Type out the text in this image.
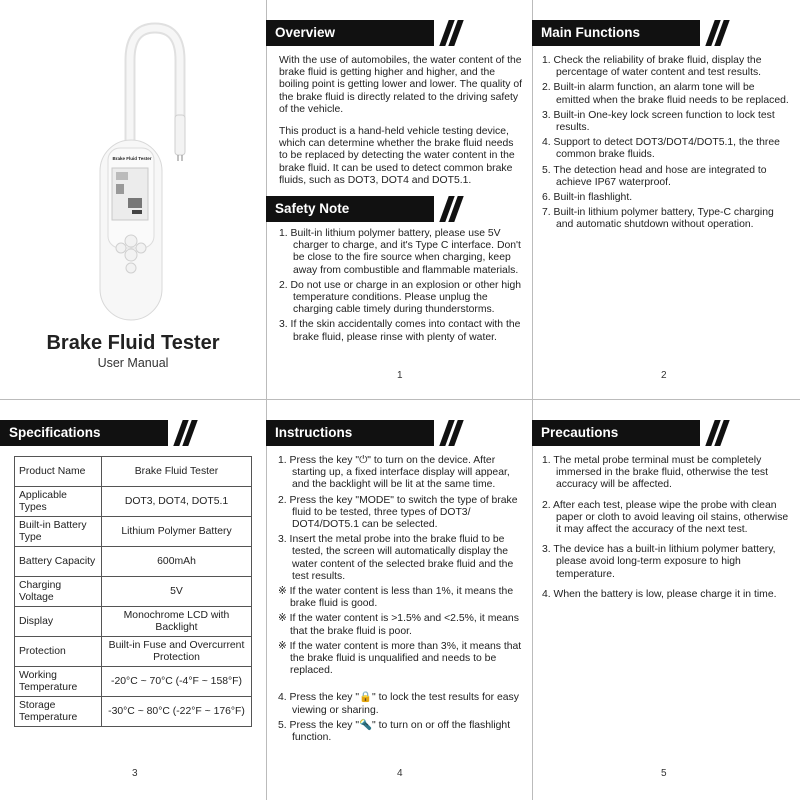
Brake Fluid Tester
Brake Fluid Tester
User Manual
Overview

With the use of automobiles, the water content of the brake fluid is getting higher and higher, and the boiling point is getting lower and lower. The quality of the brake fluid is directly related to the driving safety of the vehicle.

This product is a hand-held vehicle testing device, which can determine whether the brake fluid needs to be replaced by detecting the water content in the brake fluid. It can be used to detect common brake fluids, such as DOT3, DOT4 and DOT5.1.

Safety Note
1. Built-in lithium polymer battery, please use 5V charger to charge, and it's Type C interface. Don't be close to the fire source when charging, keep away from combustible and flammable materials.
2. Do not use or charge in an explosion or other high temperature conditions. Please unplug the charging cable timely during thunderstorms.
3. If the skin accidentally comes into contact with the brake fluid, please rinse with plenty of water.
1
Main Functions
1. Check the reliability of brake fluid, display the percentage of water content and test results.
2. Built-in alarm function, an alarm tone will be emitted when the brake fluid needs to be replaced.
3. Built-in One-key lock screen function to lock test results.
4. Support to detect DOT3/DOT4/DOT5.1, the three common brake fluids.
5. The detection head and hose are integrated to achieve IP67 waterproof.
6. Built-in flashlight.
7. Built-in lithium polymer battery, Type-C charging and automatic shutdown without operation.
2
Specifications
3
Product Name	Brake Fluid Tester
Applicable Types	DOT3, DOT4, DOT5.1
Built-in Battery Type	Lithium Polymer Battery
Battery Capacity	600mAh
Charging Voltage	5V
Display	Monochrome LCD with Backlight
Protection	Built-in Fuse and Overcurrent Protection
Working Temperature	-20°C ~ 70°C (-4°F ~ 158°F)
Storage Temperature	-30°C ~ 80°C (-22°F ~ 176°F)
Instructions
1. Press the key "⏻" to turn on the device. After starting up, a fixed interface display will appear, and the backlight will be lit at the same time.
2. Press the key "MODE" to switch the type of brake fluid to be tested, three types of DOT3/ DOT4/DOT5.1 can be selected.
3. Insert the metal probe into the brake fluid to be tested, the screen will automatically display the water content of the selected brake fluid and the test results.
※ If the water content is less than 1%, it means the brake fluid is good.
※ If the water content is >1.5% and <2.5%, it means that the brake fluid is poor.
※ If the water content is more than 3%, it means that the brake fluid is unqualified and needs to be replaced.
4. Press the key "🔒" to lock the test results for easy viewing or sharing.
5. Press the key "🔦" to turn on or off the flashlight function.
4
Precautions
1. The metal probe terminal must be completely immersed in the brake fluid, otherwise the test accuracy will be affected.
2. After each test, please wipe the probe with clean paper or cloth to avoid leaving oil stains, otherwise it may affect the accuracy of the next test.
3. The device has a built-in lithium polymer battery, please avoid long-term exposure to high temperature.
4. When the battery is low, please charge it in time.
5
